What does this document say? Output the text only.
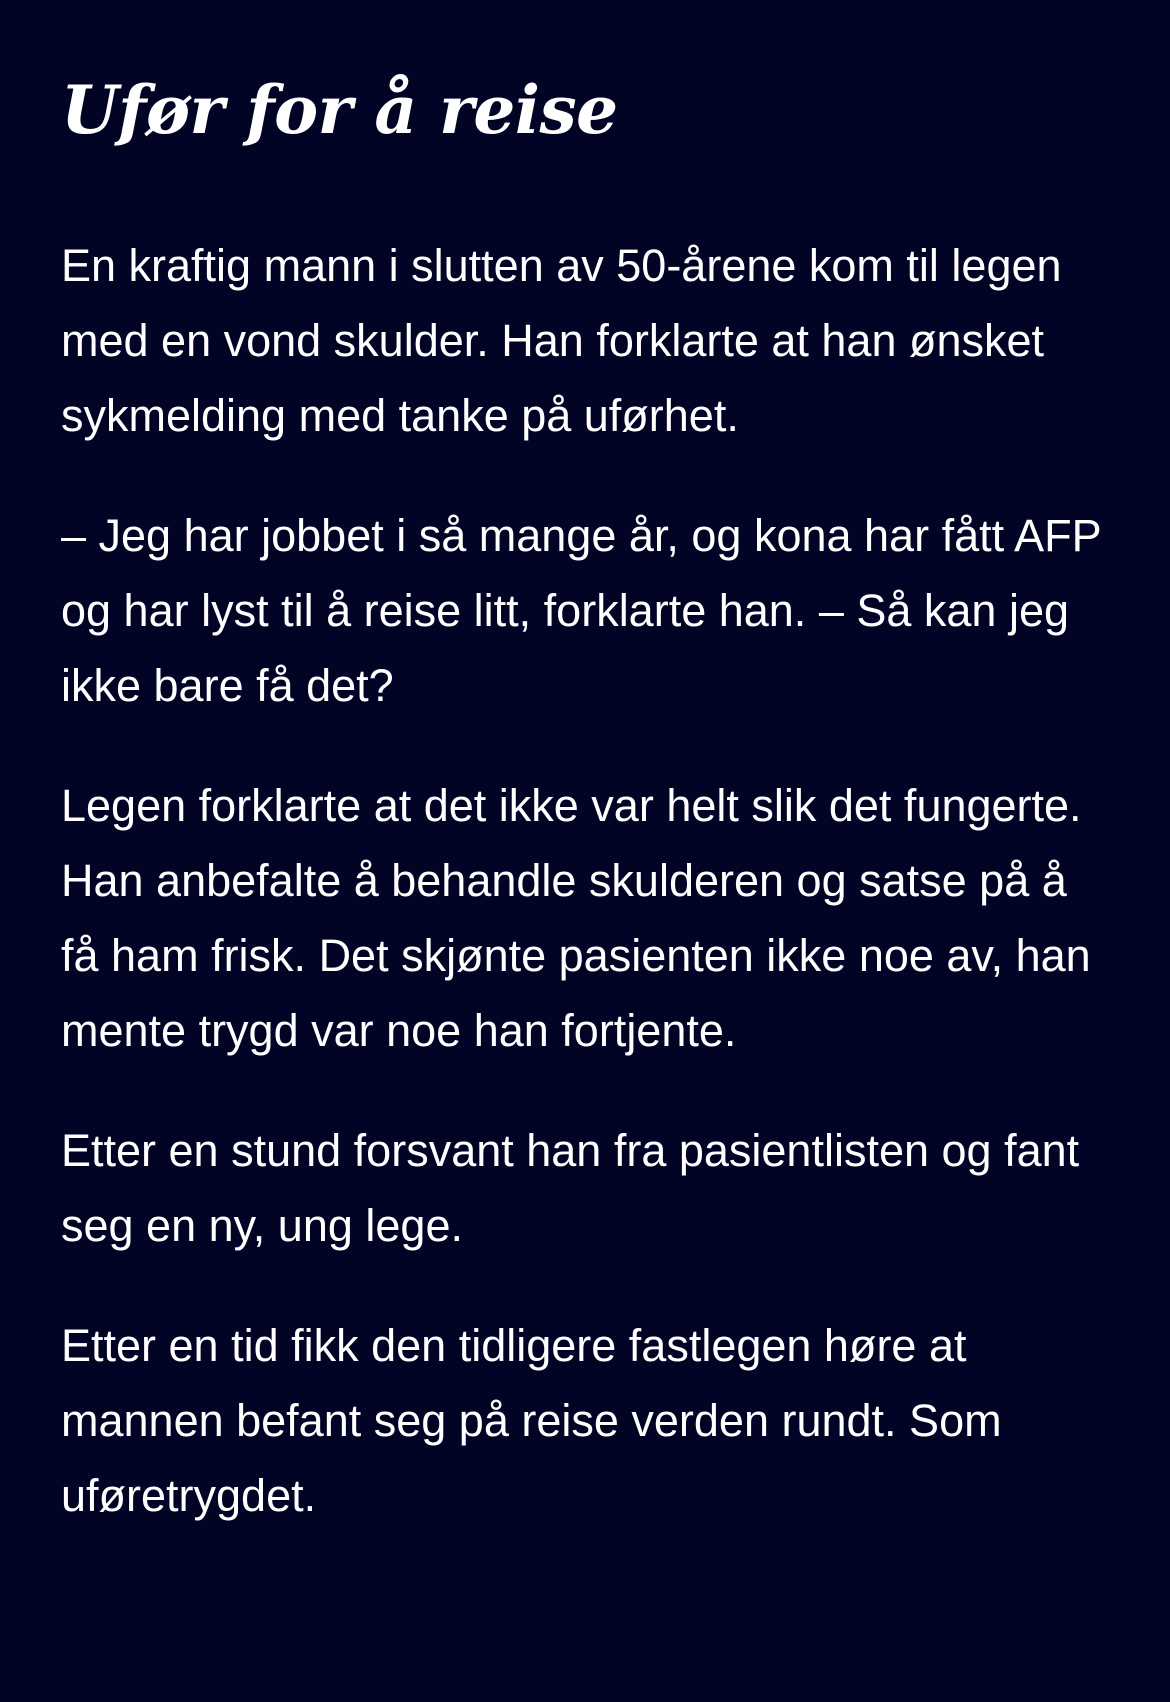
Ufør for å reise

En kraftig mann i slutten av 50-årene kom til legen med en vond skulder. Han forklarte at han ønsket sykmelding med tanke på uførhet.

– Jeg har jobbet i så mange år, og kona har fått AFP og har lyst til å reise litt, forklarte han. – Så kan jeg ikke bare få det?

Legen forklarte at det ikke var helt slik det fungerte. Han anbefalte å behandle skulderen og satse på å få ham frisk. Det skjønte pasienten ikke noe av, han mente trygd var noe han fortjente.

Etter en stund forsvant han fra pasientlisten og fant seg en ny, ung lege.

Etter en tid fikk den tidligere fastlegen høre at mannen befant seg på reise verden rundt. Som uføretrygdet.
